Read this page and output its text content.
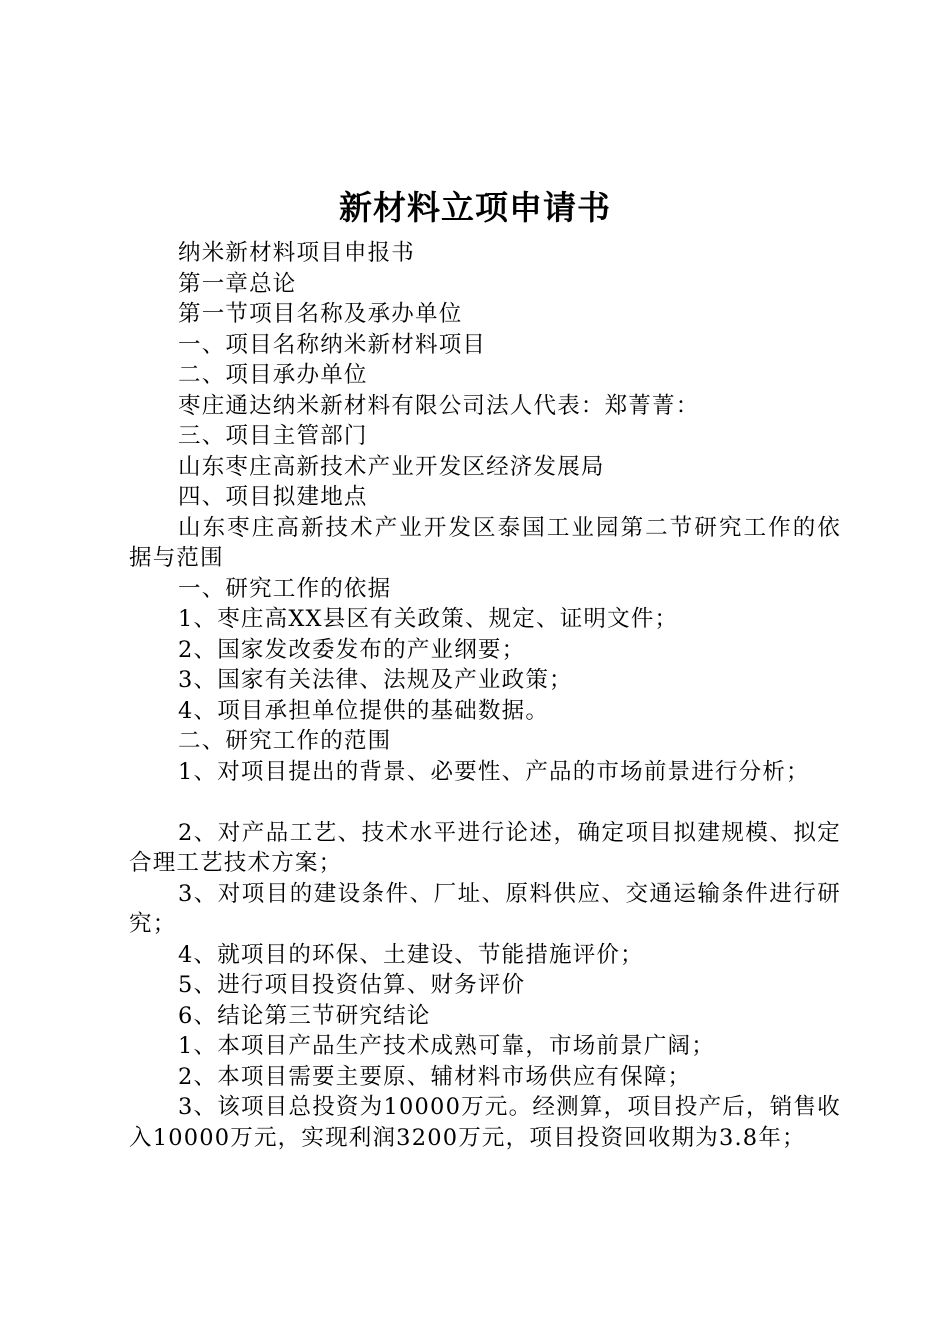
新材料立项申请书

纳米新材料项目申报书

第一章总论

第一节项目名称及承办单位

一、项目名称纳米新材料项目

二、项目承办单位

枣庄通达纳米新材料有限公司法人代表：郑菁菁：

三、项目主管部门

山东枣庄高新技术产业开发区经济发展局

四、项目拟建地点

山东枣庄高新技术产业开发区泰国工业园第二节研究工作的依据与范围

一、研究工作的依据

1、枣庄高XX县区有关政策、规定、证明文件；

2、国家发改委发布的产业纲要；

3、国家有关法律、法规及产业政策；

4、项目承担单位提供的基础数据。

二、研究工作的范围

1、对项目提出的背景、必要性、产品的市场前景进行分析；

2、对产品工艺、技术水平进行论述，确定项目拟建规模、拟定合理工艺技术方案；

3、对项目的建设条件、厂址、原料供应、交通运输条件进行研究；

4、就项目的环保、土建设、节能措施评价；

5、进行项目投资估算、财务评价

6、结论第三节研究结论

1、本项目产品生产技术成熟可靠，市场前景广阔；

2、本项目需要主要原、辅材料市场供应有保障；

3、该项目总投资为10000万元。经测算，项目投产后，销售收入10000万元，实现利润3200万元，项目投资回收期为3.8年；
